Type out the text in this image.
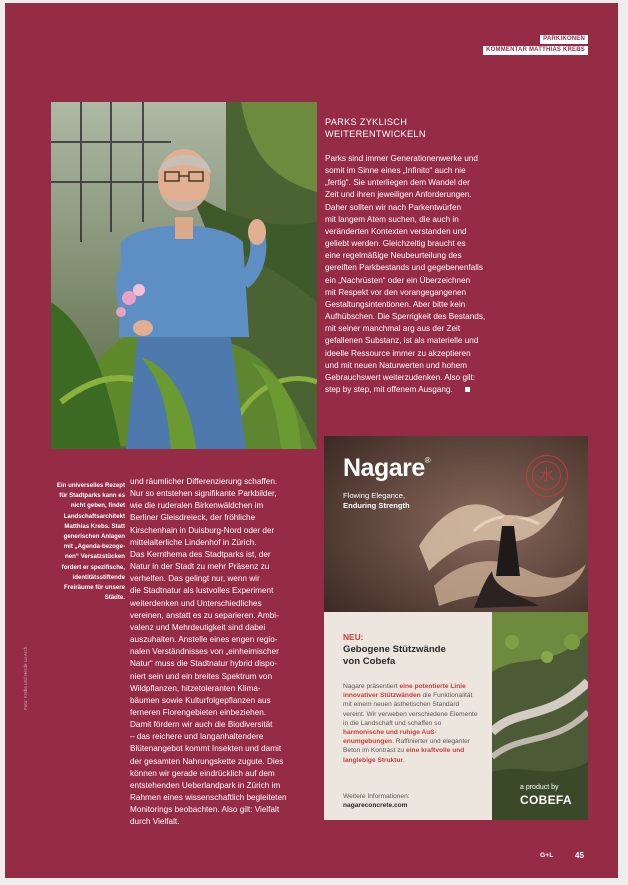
PARKIKONEN
KOMMENTAR MATTHIAS KREBS
PARKS ZYKLISCH
WEITERENTWICKELN
Parks sind immer Generationenwerke und
somit im Sinne eines „Infinito“ auch nie
„fertig“. Sie unterliegen dem Wandel der
Zeit und ihren jeweiligen Anforderungen.
Daher sollten wir nach Parkentwürfen
mit langem Atem suchen, die auch in
veränderten Kontexten verstanden und
geliebt werden. Gleichzeitig braucht es
eine regelmäßige Neubeurteilung des
gereiften Parkbestands und gegebenenfalls
ein „Nachrüsten“ oder ein Überzeichnen
mit Respekt vor den vorangegangenen
Gestaltungsintentionen. Aber bitte kein
Aufhübschen. Die Sperrigkeit des Bestands,
mit seiner manchmal arg aus der Zeit
gefallenen Substanz, ist als materielle und
ideelle Ressource immer zu akzeptieren
und mit neuen Naturwerten und hohem
Gebrauchswert weiterzudenken. Also gilt:
step by step, mit offenem Ausgang.
Ein universelles Rezept
für Stadtparks kann es
nicht geben, findet
Landschaftsarchitekt
Matthias Krebs. Statt
generischen Anlagen
mit „Agenda-bezoge-
nen“ Versatzstücken
fordert er spezifische,
identitätsstiftende
Freiräume für unsere
Städte.
und räumlicher Differenzierung schaffen.
Nur so entstehen signifikante Parkbilder,
wie die ruderalen Birkenwäldchen im
Berliner Gleisdreieck, der fröhliche
Kirschenhain in Duisburg-Nord oder der
mittelalterliche Lindenhof in Zürich.
Das Kernthema des Stadtparks ist, der
Natur in der Stadt zu mehr Präsenz zu
verhelfen. Das gelingt nur, wenn wir
die Stadtnatur als lustvolles Experiment
weiterdenken und Unterschiedliches
vereinen, anstatt es zu separieren. Ambi-
valenz und Mehrdeutigkeit sind dabei
auszuhalten. Anstelle eines engen regio-
nalen Verständnisses von „einheimischer
Natur“ muss die Stadtnatur hybrid dispo-
niert sein und ein breites Spektrum von
Wildpflanzen, hitzetoleranten Klima-
bäumen sowie Kulturfolgepflanzen aus
ferneren Florengebieten einbeziehen.
Damit fördern wir auch die Biodiversität
– das reichere und langanhaltendere
Blütenangebot kommt Insekten und damit
der gesamten Nahrungskette zugute. Dies
können wir gerade eindrücklich auf dem
entstehenden Ueberlandpark in Zürich im
Rahmen eines wissenschaftlich begleiteten
Monitorings beobachten. Also gilt: Vielfalt
durch Vielfalt.
Foto: Krebs und Herde Lo Arch
Nagare®
Flowing Elegance,
Enduring Strength
⽔
NEU:
Gebogene Stützwände
von Cobefa
Nagare präsentiert eine potentierte Linie innovativer Stützwänden die Funktionalität mit einem neuen ästhetischen Standard vereint. Wir verweben verschiedene Elemente in die Landschaft und schaffen so harmonische und ruhige Auß-enumgebungen. Raffinierter und eleganter Beton im Kontrast zu eine kraftvolle und langlebige Struktur.
Weitere Informationen:
nagareconcrete.com
a product by
COBEFA
G+L	45
